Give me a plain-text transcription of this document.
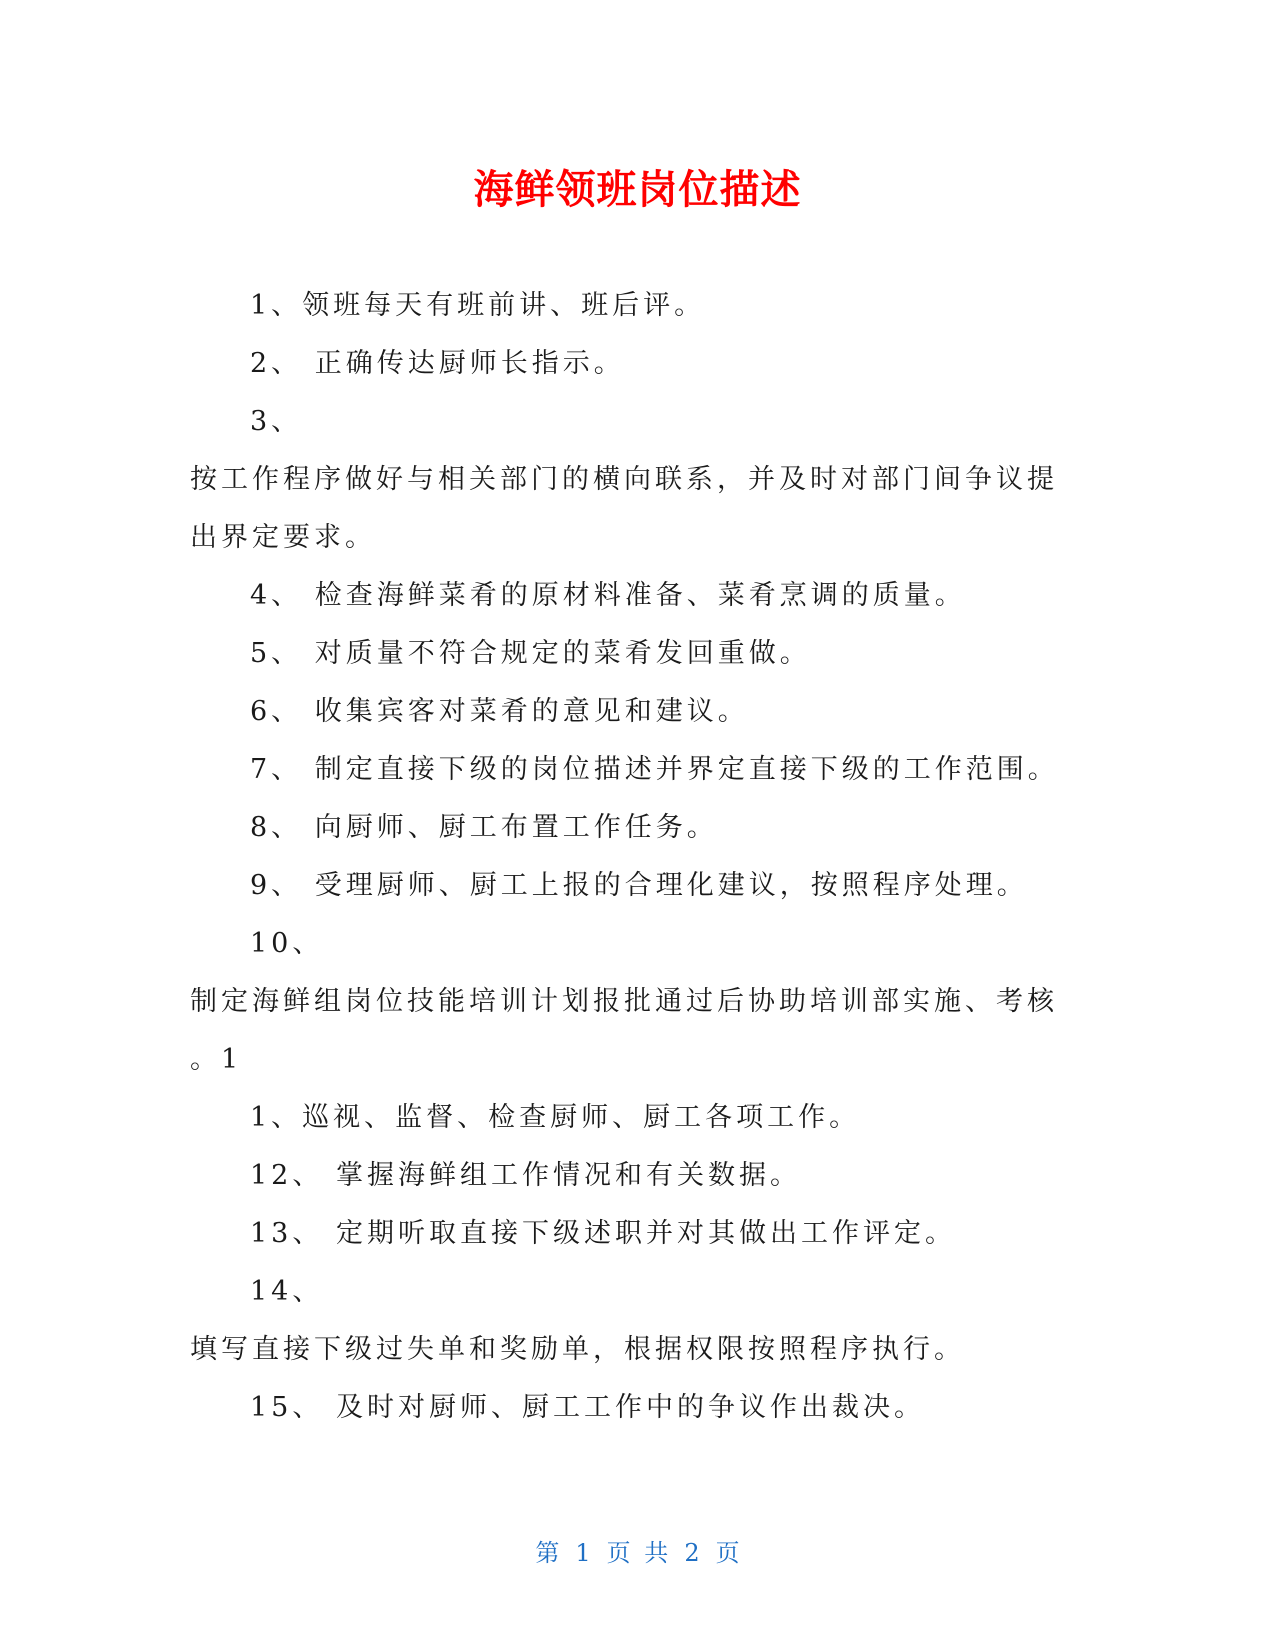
海鲜领班岗位描述
1、领班每天有班前讲、班后评。
2、 正确传达厨师长指示。
3、
按工作程序做好与相关部门的横向联系，并及时对部门间争议提
出界定要求。
4、 检查海鲜菜肴的原材料准备、菜肴烹调的质量。
5、 对质量不符合规定的菜肴发回重做。
6、 收集宾客对菜肴的意见和建议。
7、 制定直接下级的岗位描述并界定直接下级的工作范围。
8、 向厨师、厨工布置工作任务。
9、 受理厨师、厨工上报的合理化建议，按照程序处理。
10、
制定海鲜组岗位技能培训计划报批通过后协助培训部实施、考核
。1
1、巡视、监督、检查厨师、厨工各项工作。
12、 掌握海鲜组工作情况和有关数据。
13、 定期听取直接下级述职并对其做出工作评定。
14、
填写直接下级过失单和奖励单，根据权限按照程序执行。
15、 及时对厨师、厨工工作中的争议作出裁决。
第 1 页 共 2 页
